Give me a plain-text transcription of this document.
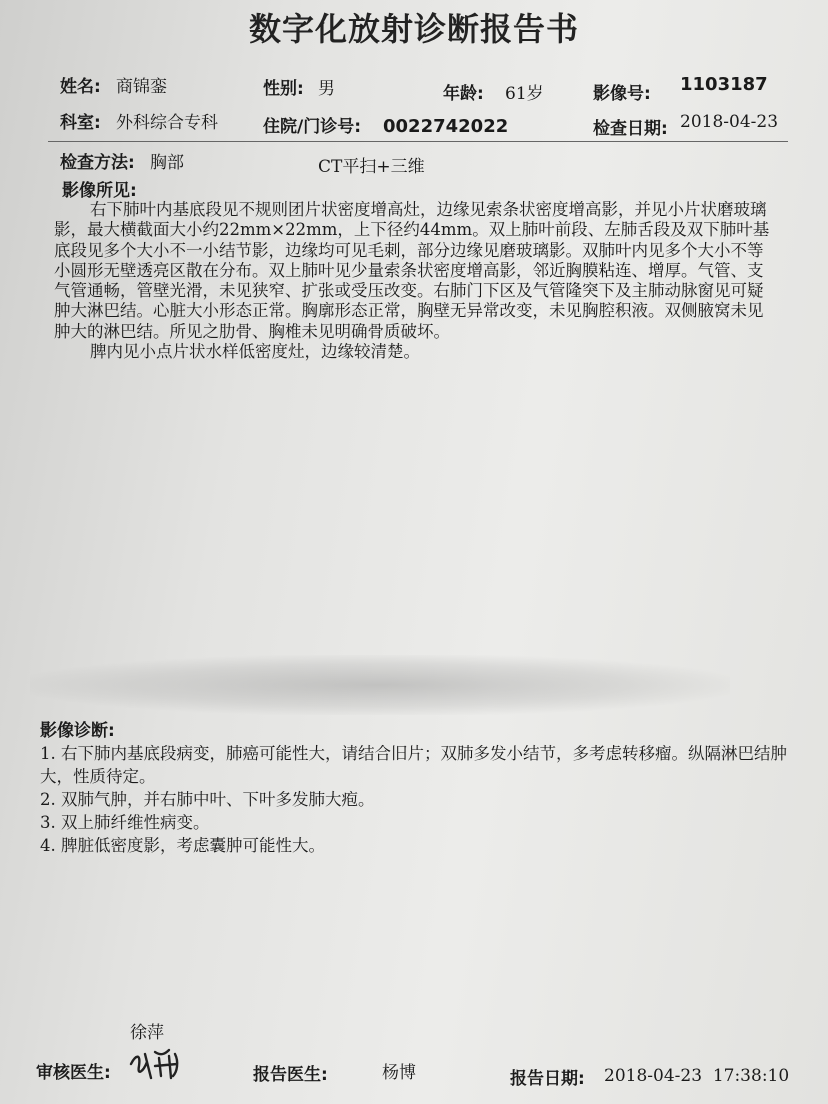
数字化放射诊断报告书
姓名: 商锦銮	性别: 男	年龄: 61岁	影像号: 1103187
科室: 外科综合专科	住院/门诊号: 0022742022	检查日期: 2018-04-23
检查方法: 胸部	CT平扫+三维
影像所见:

右下肺叶内基底段见不规则团片状密度增高灶，边缘见索条状密度增高影，并见小片状磨玻璃影，最大横截面大小约22mm×22mm，上下径约44mm。双上肺叶前段、左肺舌段及双下肺叶基底段见多个大小不一小结节影，边缘均可见毛刺，部分边缘见磨玻璃影。双肺叶内见多个大小不等小圆形无壁透亮区散在分布。双上肺叶见少量索条状密度增高影，邻近胸膜粘连、增厚。气管、支气管通畅，管壁光滑，未见狭窄、扩张或受压改变。右肺门下区及气管隆突下及主肺动脉窗见可疑肿大淋巴结。心脏大小形态正常。胸廓形态正常，胸壁无异常改变，未见胸腔积液。双侧腋窝未见肿大的淋巴结。所见之肋骨、胸椎未见明确骨质破坏。

脾内见小点片状水样低密度灶，边缘较清楚。

影像诊断:
1. 右下肺内基底段病变，肺癌可能性大，请结合旧片；双肺多发小结节，多考虑转移瘤。纵隔淋巴结肿大，性质待定。
2. 双肺气肿，并右肺中叶、下叶多发肺大疱。
3. 双上肺纤维性病变。
4. 脾脏低密度影，考虑囊肿可能性大。
徐萍
审核医生:	报告医生:	杨博	报告日期: 2018-04-23  17:38:10
